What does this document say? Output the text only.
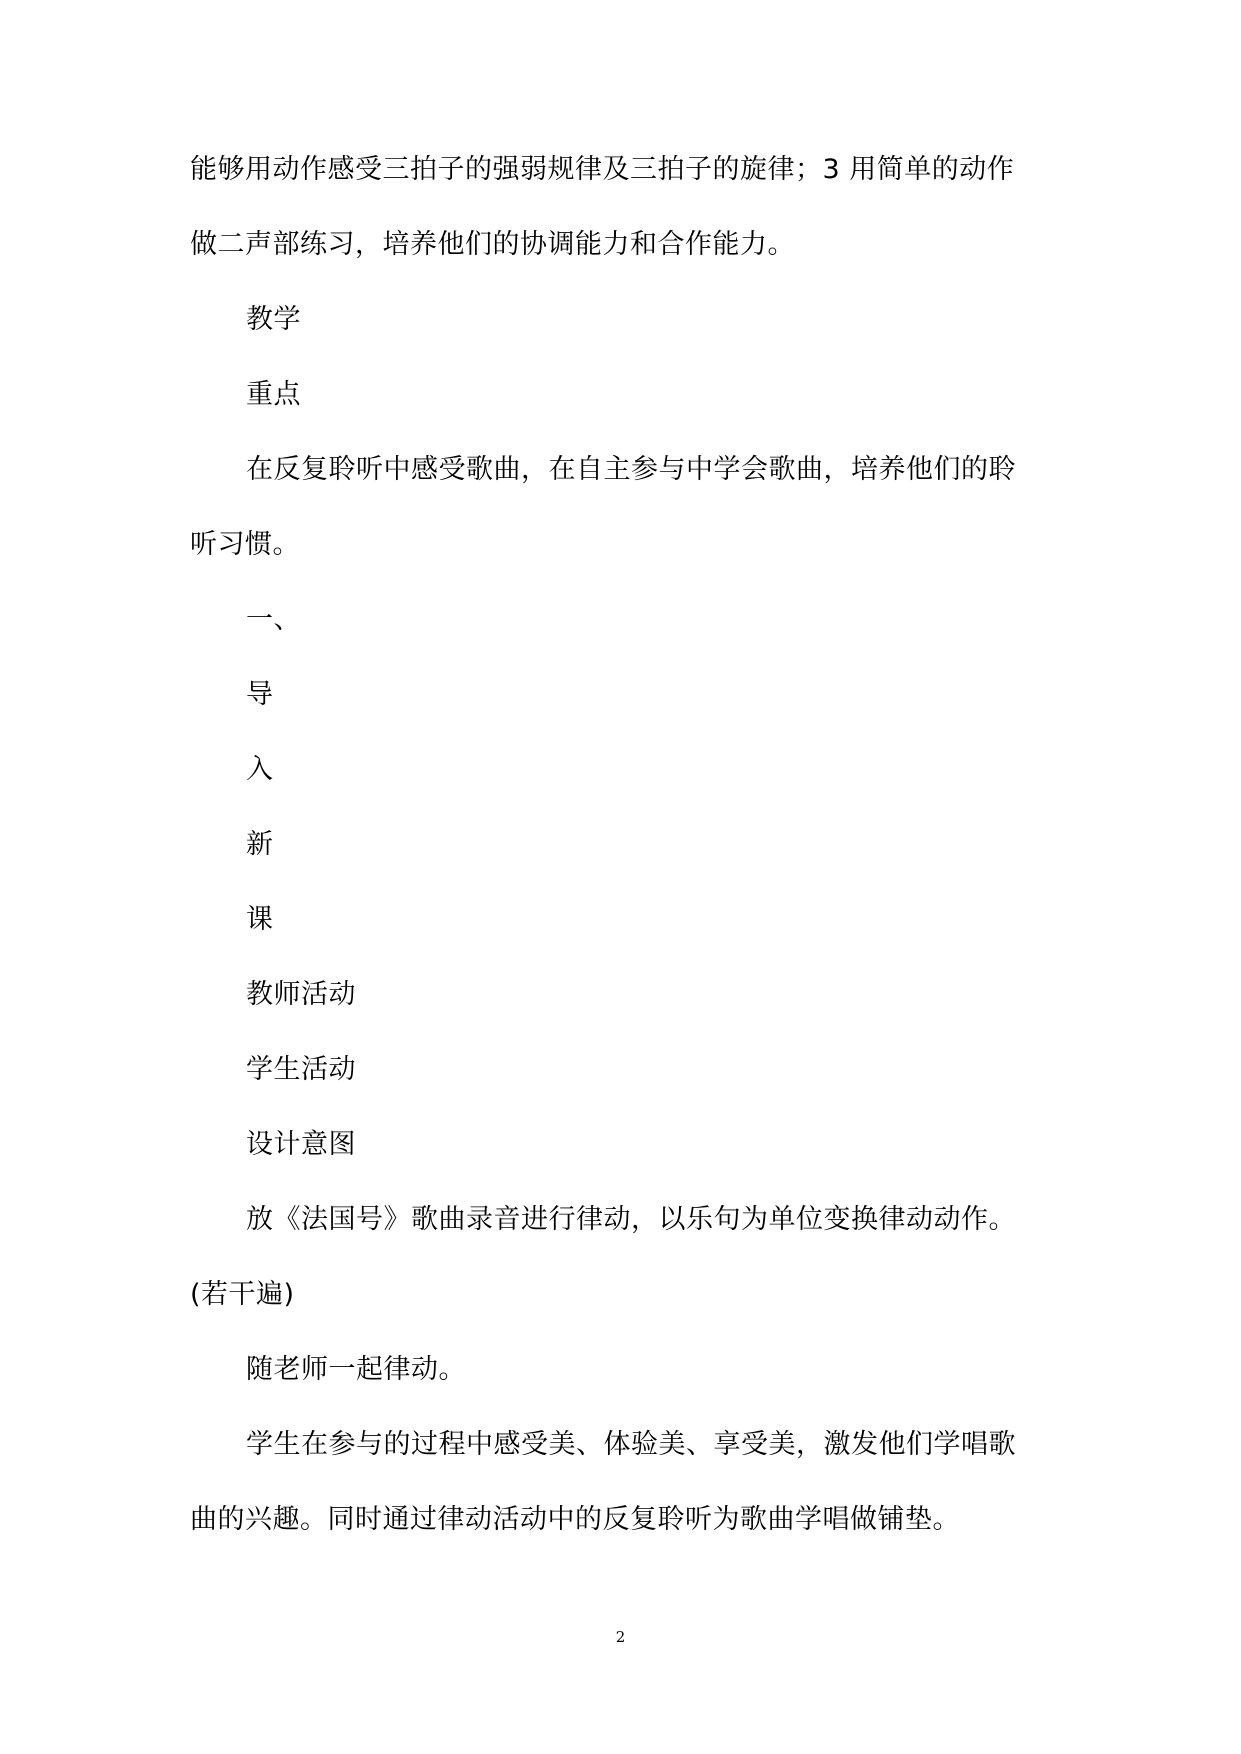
能够用动作感受三拍子的强弱规律及三拍子的旋律；3 用简单的动作
做二声部练习，培养他们的协调能力和合作能力。
教学
重点
在反复聆听中感受歌曲，在自主参与中学会歌曲，培养他们的聆
听习惯。
一、
导
入
新
课
教师活动
学生活动
设计意图
放《法国号》歌曲录音进行律动，以乐句为单位变换律动动作。
(若干遍)
随老师一起律动。
学生在参与的过程中感受美、体验美、享受美，激发他们学唱歌
曲的兴趣。同时通过律动活动中的反复聆听为歌曲学唱做铺垫。
2
